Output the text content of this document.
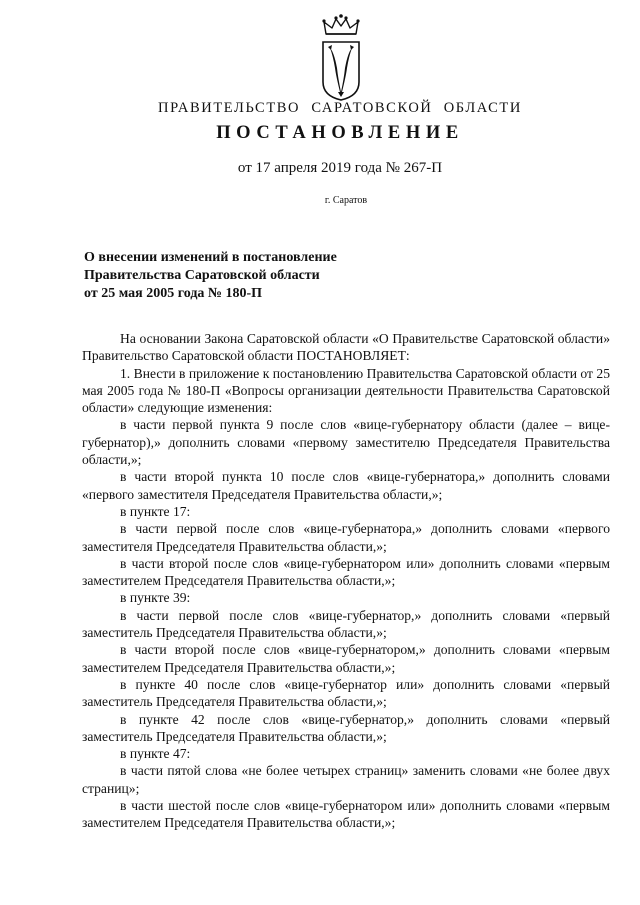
ПРАВИТЕЛЬСТВО САРАТОВСКОЙ ОБЛАСТИ
ПОСТАНОВЛЕНИЕ
от 17 апреля 2019 года № 267-П
г. Саратов
О внесении изменений в постановление
Правительства Саратовской области
от 25 мая 2005 года № 180-П

На основании Закона Саратовской области «О Правительстве Саратовской области» Правительство Саратовской области ПОСТАНОВЛЯЕТ:

1. Внести в приложение к постановлению Правительства Саратовской области от 25 мая 2005 года № 180-П «Вопросы организации деятельности Правительства Саратовской области» следующие изменения:

в части первой пункта 9 после слов «вице-губернатору области (далее – вице-губернатор),» дополнить словами «первому заместителю Председателя Правительства области,»;

в части второй пункта 10 после слов «вице-губернатора,» дополнить словами «первого заместителя Председателя Правительства области,»;

в пункте 17:

в части первой после слов «вице-губернатора,» дополнить словами «первого заместителя Председателя Правительства области,»;

в части второй после слов «вице-губернатором или» дополнить словами «первым заместителем Председателя Правительства области,»;

в пункте 39:

в части первой после слов «вице-губернатор,» дополнить словами «первый заместитель Председателя Правительства области,»;

в части второй после слов «вице-губернатором,» дополнить словами «первым заместителем Председателя Правительства области,»;

в пункте 40 после слов «вице-губернатор или» дополнить словами «первый заместитель Председателя Правительства области,»;

в пункте 42 после слов «вице-губернатор,» дополнить словами «первый заместитель Председателя Правительства области,»;

в пункте 47:

в части пятой слова «не более четырех страниц» заменить словами «не более двух страниц»;

в части шестой после слов «вице-губернатором или» дополнить словами «первым заместителем Председателя Правительства области,»;
